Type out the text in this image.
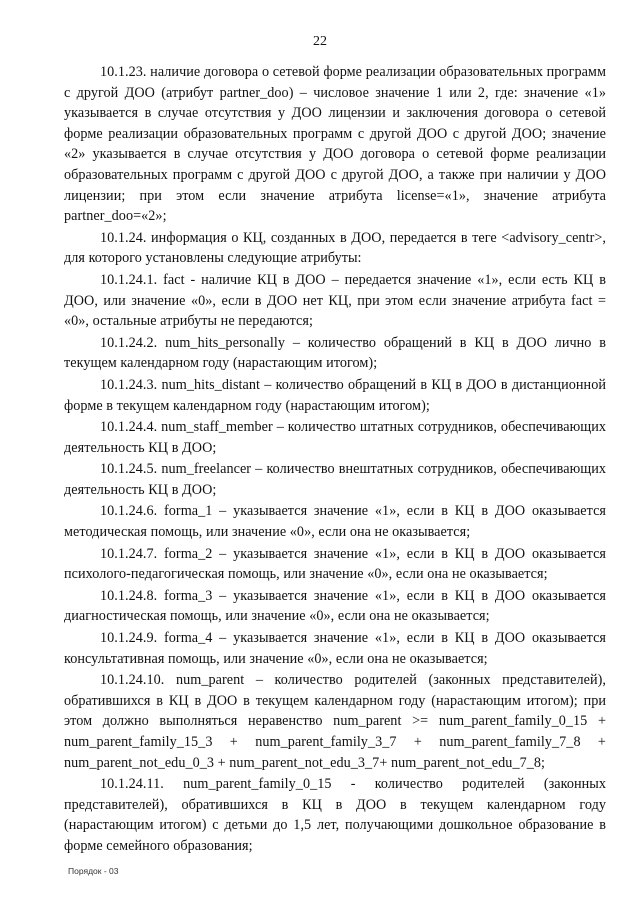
22

10.1.23. наличие договора о сетевой форме реализации образовательных программ с другой ДОО (атрибут partner_doo) – числовое значение 1 или 2, где: значение «1» указывается в случае отсутствия у ДОО лицензии и заключения договора о сетевой форме реализации образовательных программ с другой ДОО с другой ДОО; значение «2» указывается в случае отсутствия у ДОО договора о сетевой форме реализации образовательных программ с другой ДОО с другой ДОО, а также при наличии у ДОО лицензии; при этом если значение атрибута license=«1», значение атрибута partner_doo=«2»;

10.1.24. информация о КЦ, созданных в ДОО, передается в теге <advisory_centr>, для которого установлены следующие атрибуты:

10.1.24.1. fact - наличие КЦ в ДОО – передается значение «1», если есть КЦ в ДОО, или значение «0», если в ДОО нет КЦ, при этом если значение атрибута fact = «0», остальные атрибуты не передаются;

10.1.24.2. num_hits_personally – количество обращений в КЦ в ДОО лично в текущем календарном году (нарастающим итогом);

10.1.24.3. num_hits_distant – количество обращений в КЦ в ДОО в дистанционной форме в текущем календарном году (нарастающим итогом);

10.1.24.4. num_staff_member – количество штатных сотрудников, обеспечивающих деятельность КЦ в ДОО;

10.1.24.5. num_freelancer – количество внештатных сотрудников, обеспечивающих деятельность КЦ в ДОО;

10.1.24.6. forma_1 – указывается значение «1», если в КЦ в ДОО оказывается методическая помощь, или значение «0», если она не оказывается;

10.1.24.7. forma_2 – указывается значение «1», если в КЦ в ДОО оказывается психолого-педагогическая помощь, или значение «0», если она не оказывается;

10.1.24.8. forma_3 – указывается значение «1», если в КЦ в ДОО оказывается диагностическая помощь, или значение «0», если она не оказывается;

10.1.24.9. forma_4 – указывается значение «1», если в КЦ в ДОО оказывается консультативная помощь, или значение «0», если она не оказывается;

10.1.24.10. num_parent – количество родителей (законных представителей), обратившихся в КЦ в ДОО в текущем календарном году (нарастающим итогом); при этом должно выполняться неравенство num_parent >= num_parent_family_0_15 + num_parent_family_15_3 + num_parent_family_3_7 + num_parent_family_7_8 + num_parent_not_edu_0_3 + num_parent_not_edu_3_7+ num_parent_not_edu_7_8;

10.1.24.11. num_parent_family_0_15 - количество родителей (законных представителей), обратившихся в КЦ в ДОО в текущем календарном году (нарастающим итогом) с детьми до 1,5 лет, получающими дошкольное образование в форме семейного образования;

Порядок - 03
